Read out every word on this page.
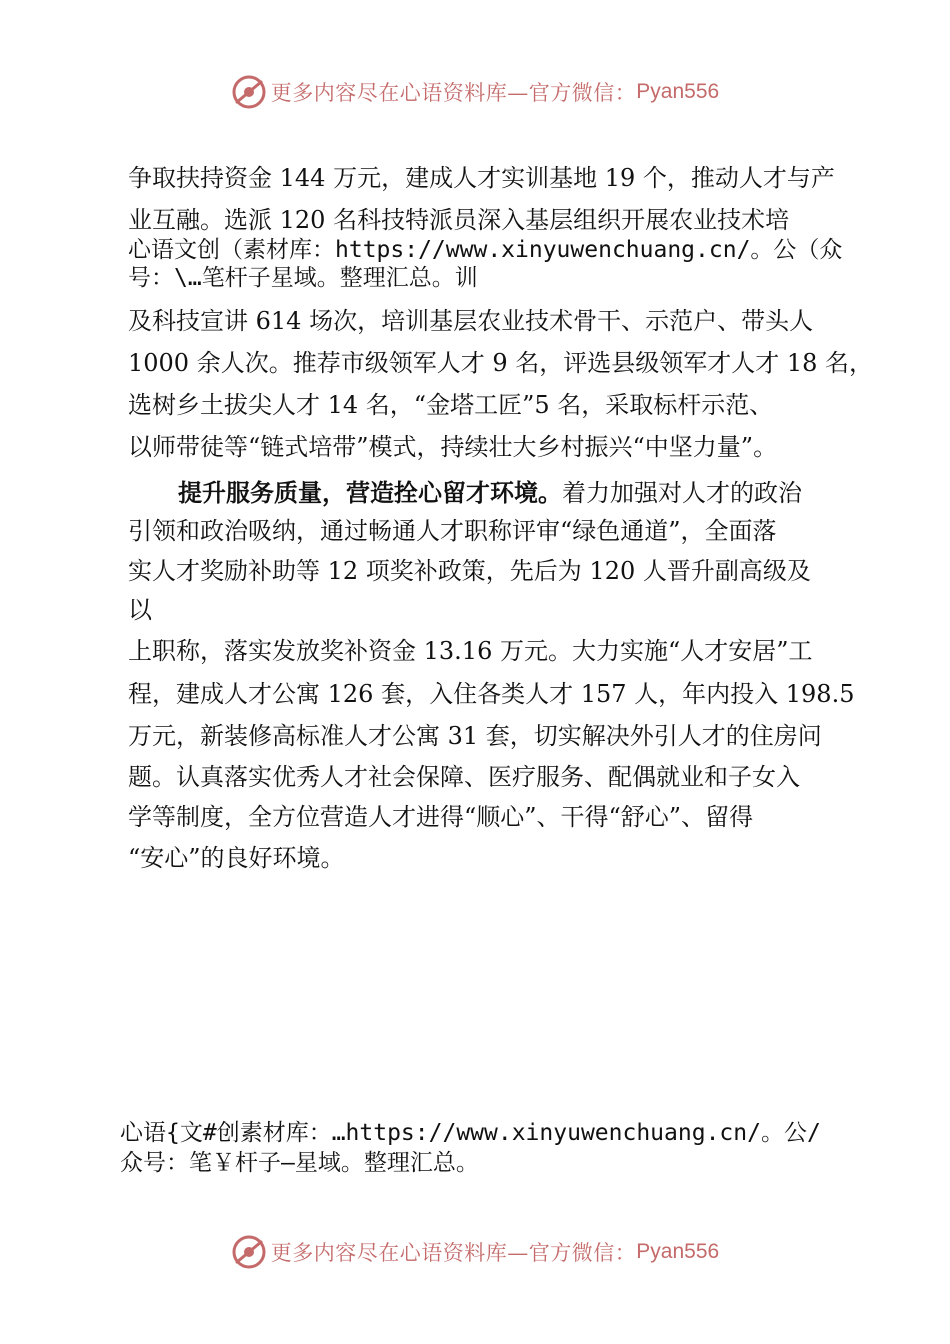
更多内容尽在心语资料库—官方微信： Pyan556
争取扶持资金 144 万元，建成人才实训基地 19 个，推动人才与产
业互融。选派 120 名科技特派员深入基层组织开展农业技术培
心语文创（素材库：https://www.xinyuwenchuang.cn/。公（众
号：\…笔杆子星域。整理汇总。训
及科技宣讲 614 场次，培训基层农业技术骨干、示范户、带头人
1000 余人次。推荐市级领军人才 9 名，评选县级领军才人才 18 名，
选树乡土拔尖人才 14 名，“金塔工匠”5 名，采取标杆示范、
以师带徒等“链式培带”模式，持续壮大乡村振兴“中坚力量”。
提升服务质量，营造拴心留才环境。着力加强对人才的政治
引领和政治吸纳，通过畅通人才职称评审“绿色通道”，全面落
实人才奖励补助等 12 项奖补政策，先后为 120 人晋升副高级及
以
上职称，落实发放奖补资金 13.16 万元。大力实施“人才安居”工
程，建成人才公寓 126 套，入住各类人才 157 人，年内投入 198.5
万元，新装修高标准人才公寓 31 套，切实解决外引人才的住房问
题。认真落实优秀人才社会保障、医疗服务、配偶就业和子女入
学等制度，全方位营造人才进得“顺心”、干得“舒心”、留得
“安心”的良好环境。
心语{文#创素材库：…https://www.xinyuwenchuang.cn/。公/
众号：笔￥杆子—星域。整理汇总。
更多内容尽在心语资料库—官方微信： Pyan556
